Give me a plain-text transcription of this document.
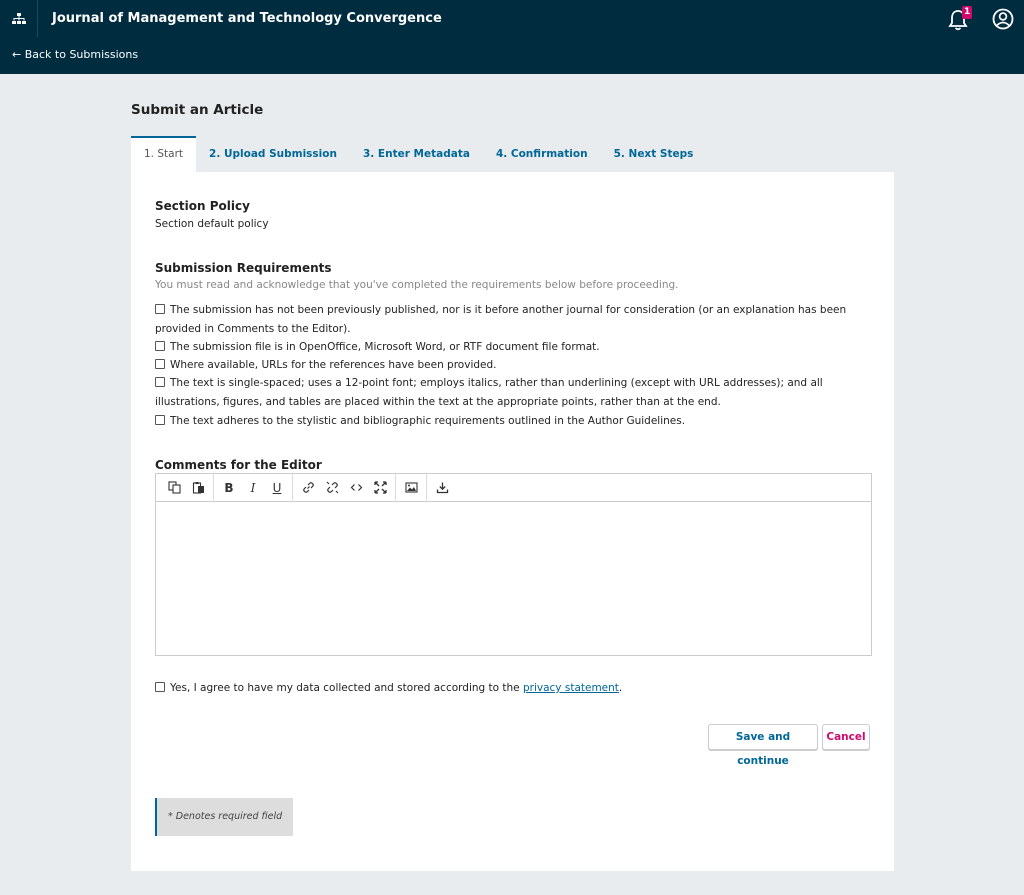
Journal of Management and Technology Convergence	1
← Back to Submissions
Submit an Article
1. Start	2. Upload Submission	3. Enter Metadata	4. Confirmation	5. Next Steps
Section Policy
Section default policy
Submission Requirements
You must read and acknowledge that you've completed the requirements below before proceeding.
The submission has not been previously published, nor is it before another journal for consideration (or an explanation has been provided in Comments to the Editor).
The submission file is in OpenOffice, Microsoft Word, or RTF document file format.
Where available, URLs for the references have been provided.
The text is single-spaced; uses a 12-point font; employs italics, rather than underlining (except with URL addresses); and all illustrations, figures, and tables are placed within the text at the appropriate points, rather than at the end.
The text adheres to the stylistic and bibliographic requirements outlined in the Author Guidelines.
Comments for the Editor
B	I	U
Yes, I agree to have my data collected and stored according to the privacy statement.
Save and continue
Cancel
* Denotes required field
